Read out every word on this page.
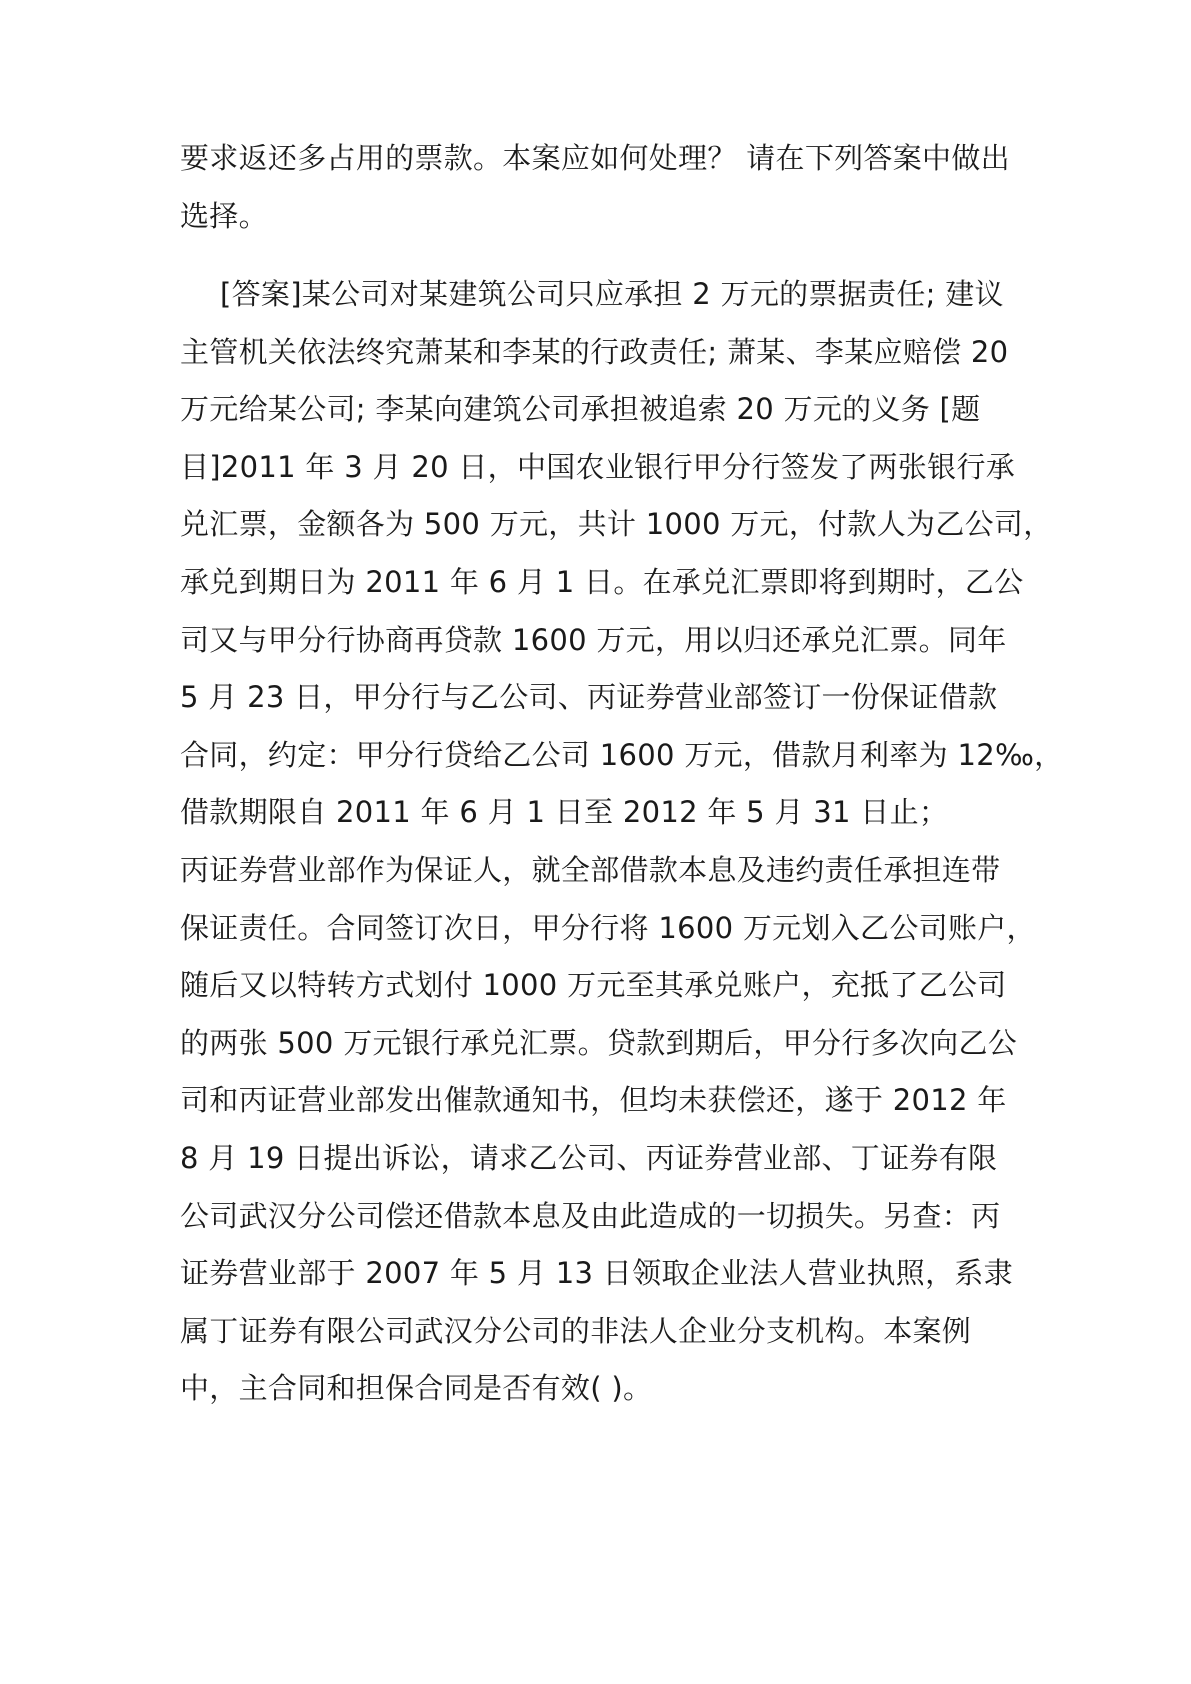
要求返还多占用的票款。本案应如何处理？ 请在下列答案中做出
选择。
[答案]某公司对某建筑公司只应承担 2 万元的票据责任; 建议
主管机关依法终究萧某和李某的行政责任; 萧某、李某应赔偿 20
万元给某公司; 李某向建筑公司承担被追索 20 万元的义务 [题
目]2011 年 3 月 20 日，中国农业银行甲分行签发了两张银行承
兑汇票，金额各为 500 万元，共计 1000 万元，付款人为乙公司，
承兑到期日为 2011 年 6 月 1 日。在承兑汇票即将到期时，乙公
司又与甲分行协商再贷款 1600 万元，用以归还承兑汇票。同年
5 月 23 日，甲分行与乙公司、丙证券营业部签订一份保证借款
合同，约定：甲分行贷给乙公司 1600 万元，借款月利率为 12‰，
借款期限自 2011 年 6 月 1 日至 2012 年 5 月 31 日止；
丙证券营业部作为保证人，就全部借款本息及违约责任承担连带
保证责任。合同签订次日，甲分行将 1600 万元划入乙公司账户，
随后又以特转方式划付 1000 万元至其承兑账户，充抵了乙公司
的两张 500 万元银行承兑汇票。贷款到期后，甲分行多次向乙公
司和丙证营业部发出催款通知书，但均未获偿还，遂于 2012 年
8 月 19 日提出诉讼，请求乙公司、丙证券营业部、丁证券有限
公司武汉分公司偿还借款本息及由此造成的一切损失。另查：丙
证券营业部于 2007 年 5 月 13 日领取企业法人营业执照，系隶
属丁证券有限公司武汉分公司的非法人企业分支机构。本案例
中，主合同和担保合同是否有效( )。
